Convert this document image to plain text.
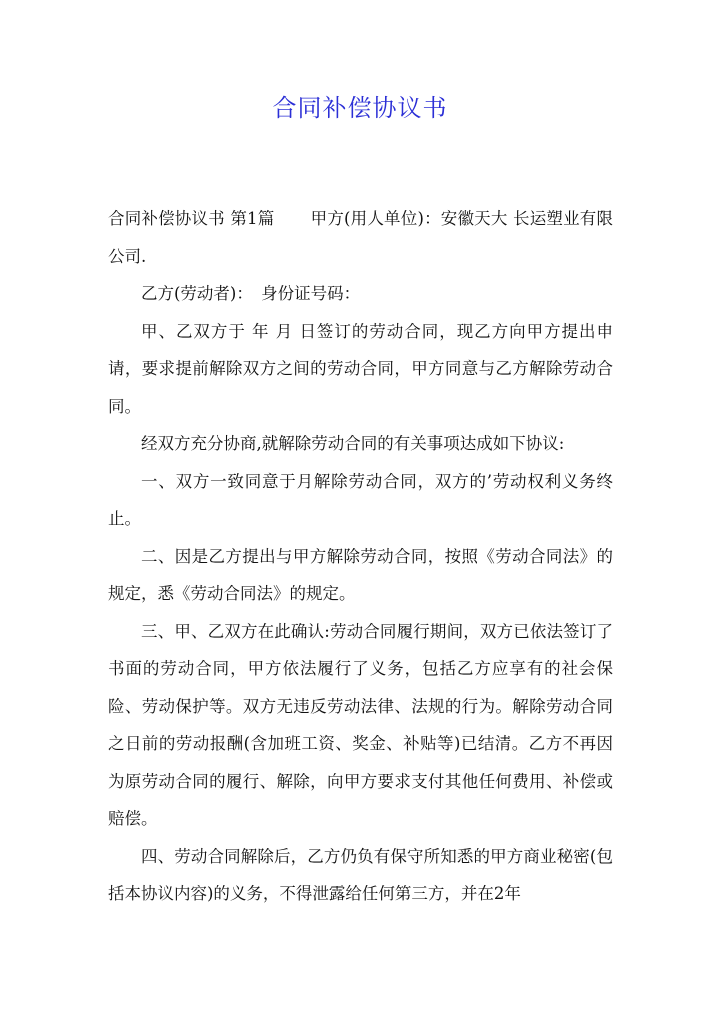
合同补偿协议书

合同补偿协议书 第1篇 甲方(用人单位)：安徽天大 长运塑业有限公司.

乙方(劳动者)：　身份证号码：

甲、乙双方于 年 月 日签订的劳动合同，现乙方向甲方提出申请，要求提前解除双方之间的劳动合同，甲方同意与乙方解除劳动合同。

经双方充分协商,就解除劳动合同的有关事项达成如下协议:

一、双方一致同意于月解除劳动合同，双方的’劳动权利义务终止。

二、因是乙方提出与甲方解除劳动合同，按照《劳动合同法》的规定，悉《劳动合同法》的规定。

三、甲、乙双方在此确认:劳动合同履行期间，双方已依法签订了书面的劳动合同，甲方依法履行了义务，包括乙方应享有的社会保险、劳动保护等。双方无违反劳动法律、法规的行为。解除劳动合同之日前的劳动报酬(含加班工资、奖金、补贴等)已结清。乙方不再因为原劳动合同的履行、解除，向甲方要求支付其他任何费用、补偿或赔偿。

四、劳动合同解除后，乙方仍负有保守所知悉的甲方商业秘密(包括本协议内容)的义务，不得泄露给任何第三方，并在2年
